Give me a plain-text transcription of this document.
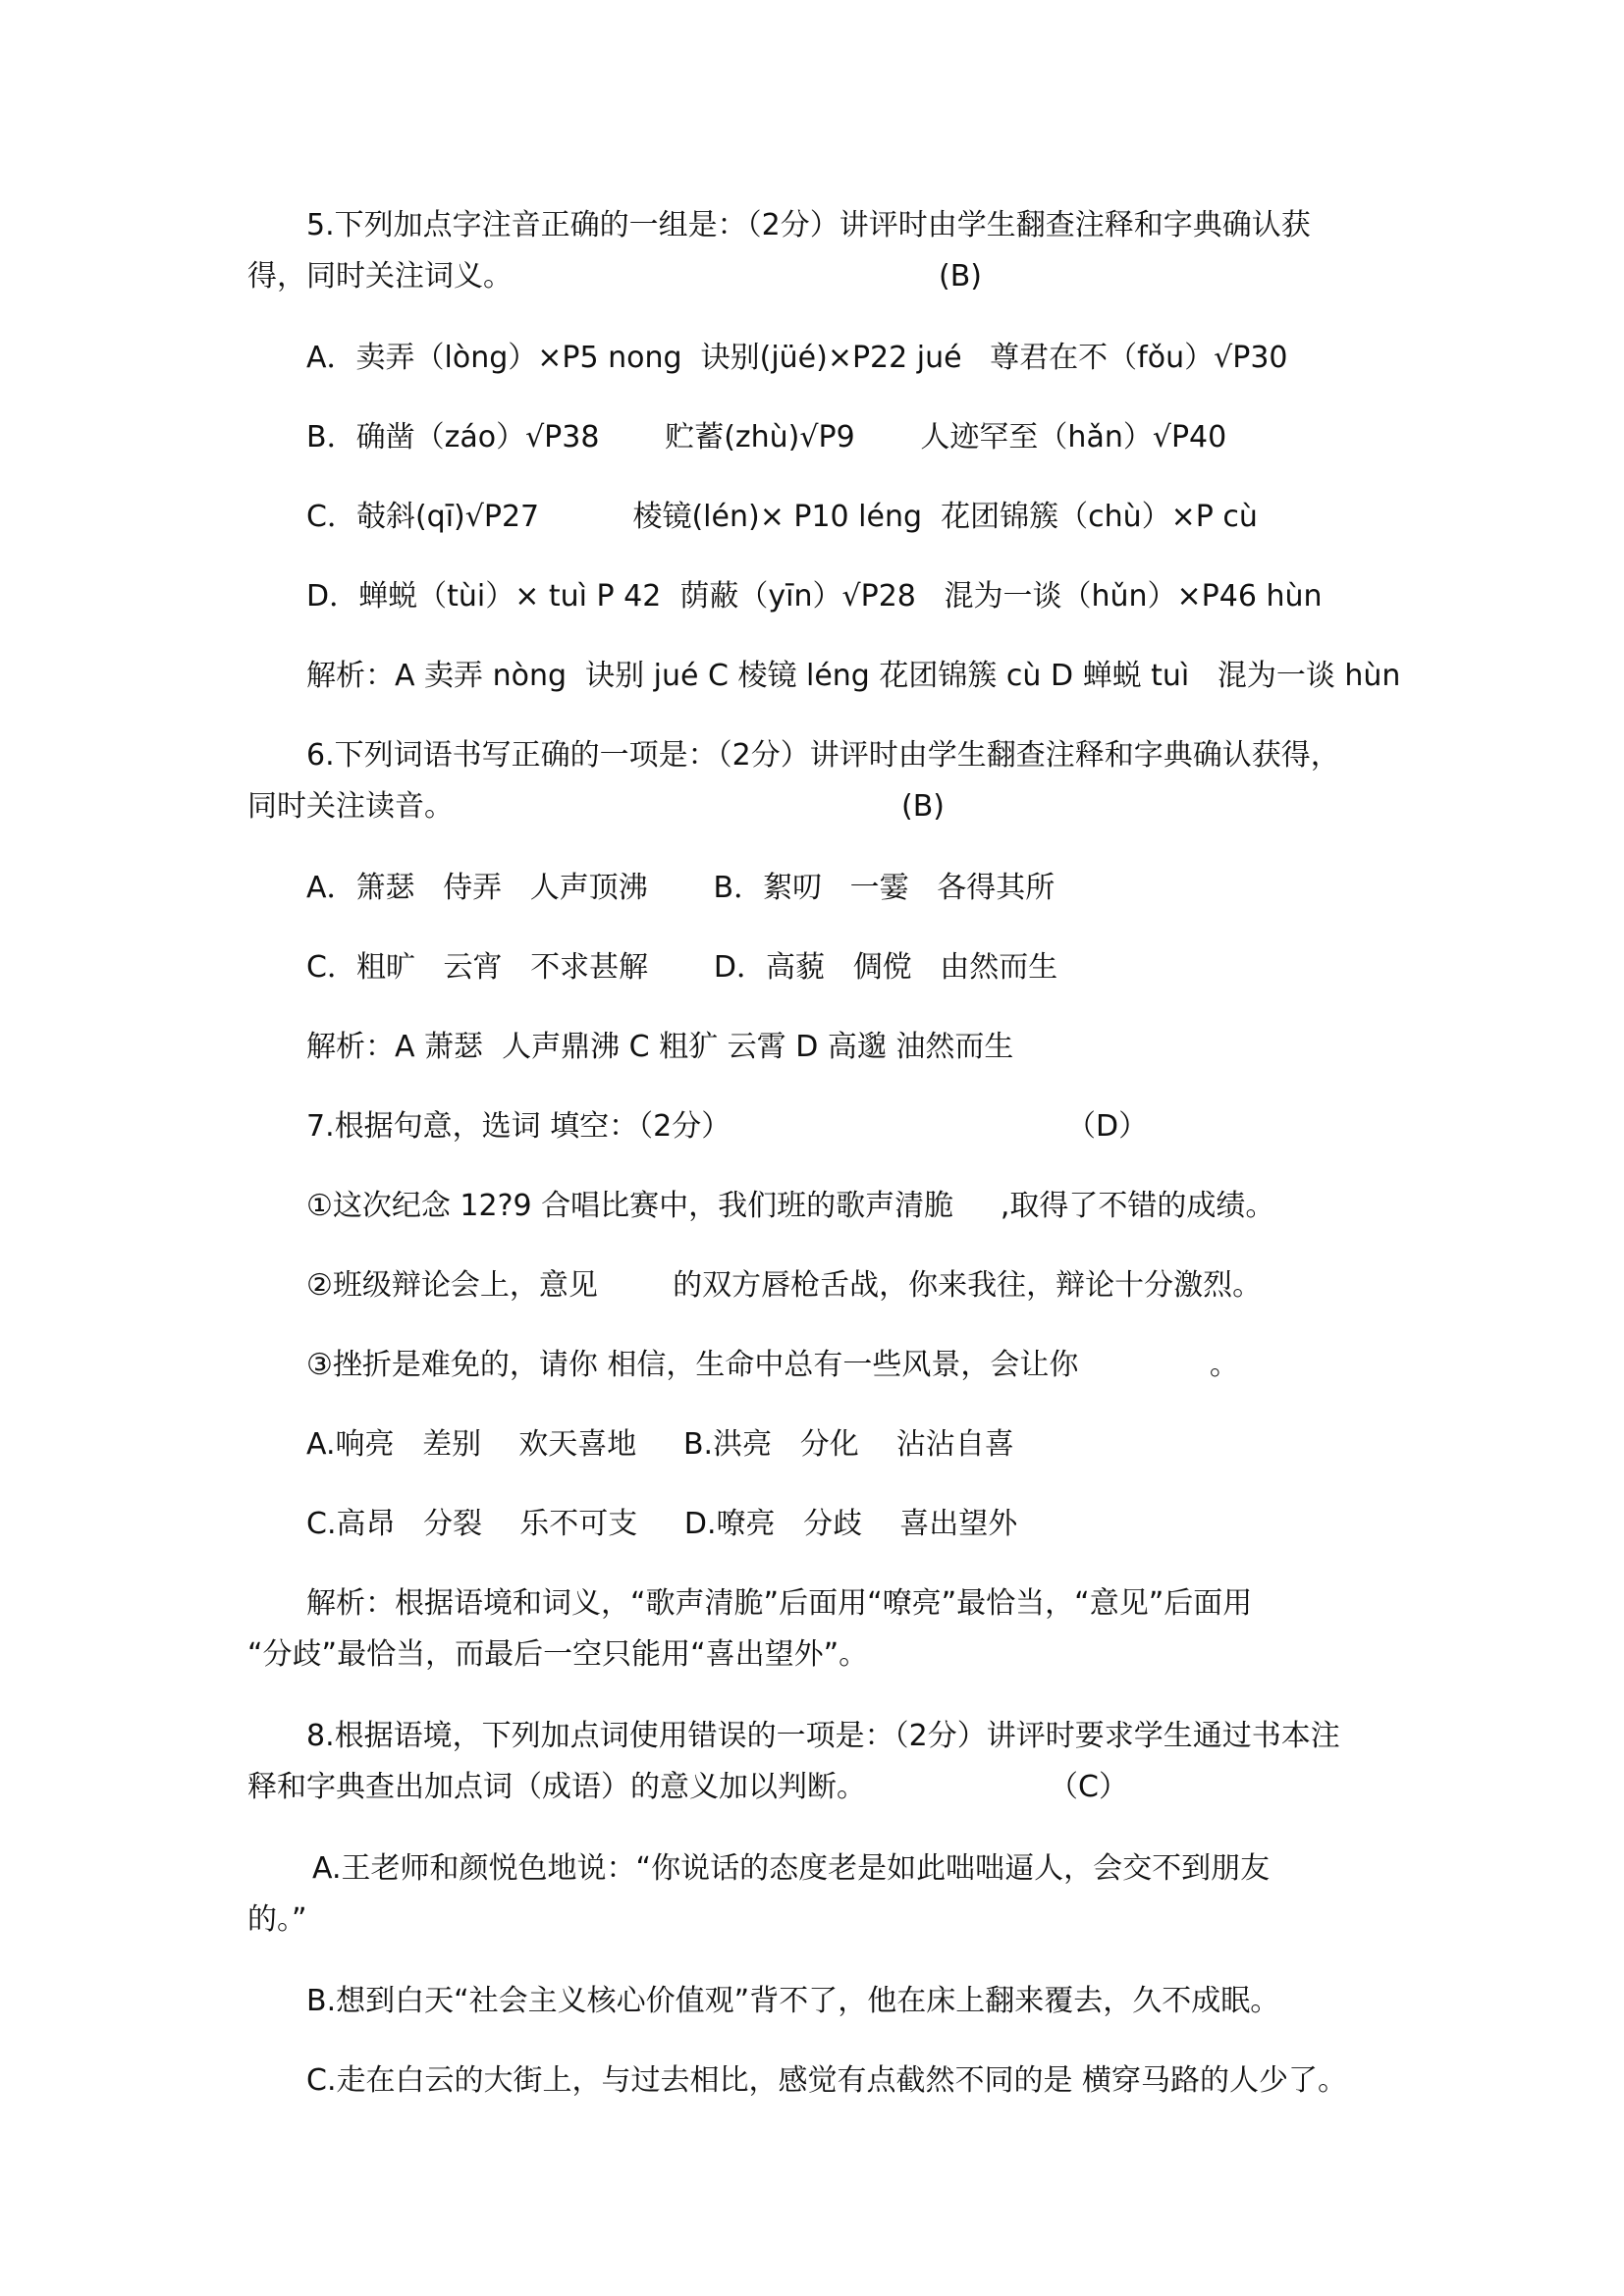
5.下列加点字注音正确的一组是：（2分）讲评时由学生翻查注释和字典确认获

得，同时关注词义。	(B)

A．卖弄（lòng）×P5 nong  诀别(jüé)×P22 jué   尊君在不（fǒu）√P30

B．确凿（záo）√P38       贮蓄(zhù)√P9       人迹罕至（hǎn）√P40

C．攲斜(qī)√P27          棱镜(lén)× P10 léng  花团锦簇（chù）×P cù

D．蝉蜕（tùi）× tuì P 42  荫蔽（yīn）√P28   混为一谈（hǔn）×P46 hùn

解析：A 卖弄 nòng  诀别 jué C 棱镜 léng 花团锦簇 cù D 蝉蜕 tuì   混为一谈 hùn

6.下列词语书写正确的一项是：（2分）讲评时由学生翻查注释和字典确认获得，

同时关注读音。	(B)

A．箫瑟   侍弄   人声顶沸       B．絮叨   一霎   各得其所

C．粗旷   云宵   不求甚解       D．高藐   倜傥   由然而生

解析：A 萧瑟  人声鼎沸 C 粗犷 云霄 D 高邈 油然而生

7.根据句意，选词 填空：（2分）	（D）

①这次纪念 12?9 合唱比赛中，我们班的歌声清脆     ,取得了不错的成绩。

②班级辩论会上，意见        的双方唇枪舌战，你来我往，辩论十分激烈。

③挫折是难免的，请你 相信，生命中总有一些风景，会让你              。

A.响亮   差别    欢天喜地     B.洪亮   分化    沾沾自喜

C.高昂   分裂    乐不可支     D.嘹亮   分歧    喜出望外

解析：根据语境和词义，“歌声清脆”后面用“嘹亮”最恰当，“意见”后面用

“分歧”最恰当，而最后一空只能用“喜出望外”。

8.根据语境，下列加点词使用错误的一项是：（2分）讲评时要求学生通过书本注

释和字典查出加点词（成语）的意义加以判断。	（C）

A.王老师和颜悦色地说：“你说话的态度老是如此咄咄逼人，会交不到朋友

的。”

B.想到白天“社会主义核心价值观”背不了，他在床上翻来覆去，久不成眠。

C.走在白云的大街上，与过去相比，感觉有点截然不同的是 横穿马路的人少了。
